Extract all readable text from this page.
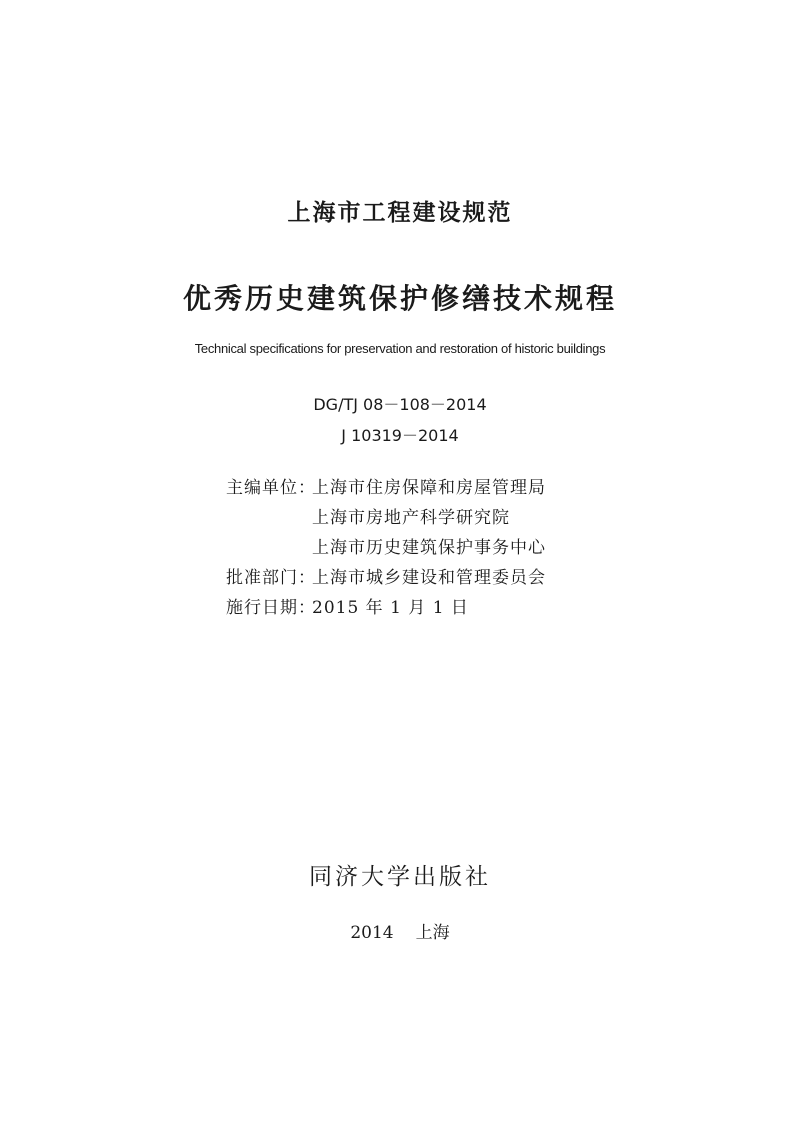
上海市工程建设规范
优秀历史建筑保护修缮技术规程
Technical specifications for preservation and restoration of historic buildings
DG/TJ 08－108－2014
J 10319－2014
主编单位：
上海市住房保障和房屋管理局
上海市房地产科学研究院
上海市历史建筑保护事务中心
批准部门：
上海市城乡建设和管理委员会
施行日期：
2015 年 1 月 1 日
同济大学出版社
2014 上海
